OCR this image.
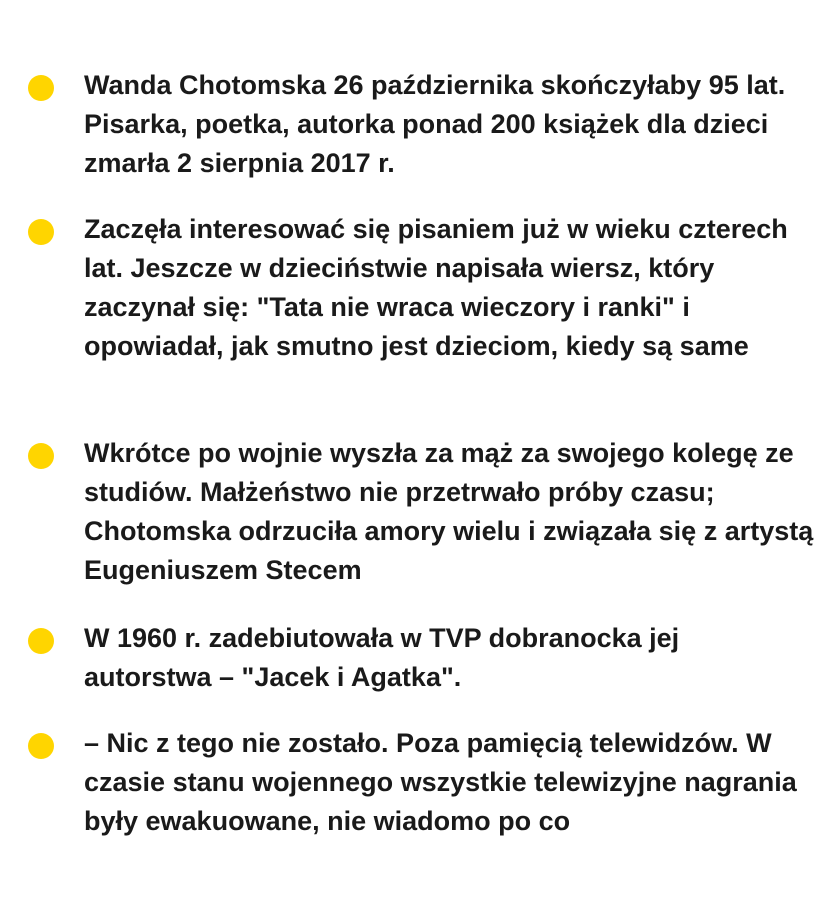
Wanda Chotomska 26 października skończyłaby 95 lat. Pisarka, poetka, autorka ponad 200 książek dla dzieci zmarła 2 sierpnia 2017 r.

Zaczęła interesować się pisaniem już w wieku czterech lat. Jeszcze w dzieciństwie napisała wiersz, który zaczynał się: "Tata nie wraca wieczory i ranki" i opowiadał, jak smutno jest dzieciom, kiedy są same

Wkrótce po wojnie wyszła za mąż za swojego kolegę ze studiów. Małżeństwo nie przetrwało próby czasu; Chotomska odrzuciła amory wielu i związała się z artystą Eugeniuszem Stecem

W 1960 r. zadebiutowała w TVP dobranocka jej autorstwa – "Jacek i Agatka".

– Nic z tego nie zostało. Poza pamięcią telewidzów. W czasie stanu wojennego wszystkie telewizyjne nagrania były ewakuowane, nie wiadomo po co
